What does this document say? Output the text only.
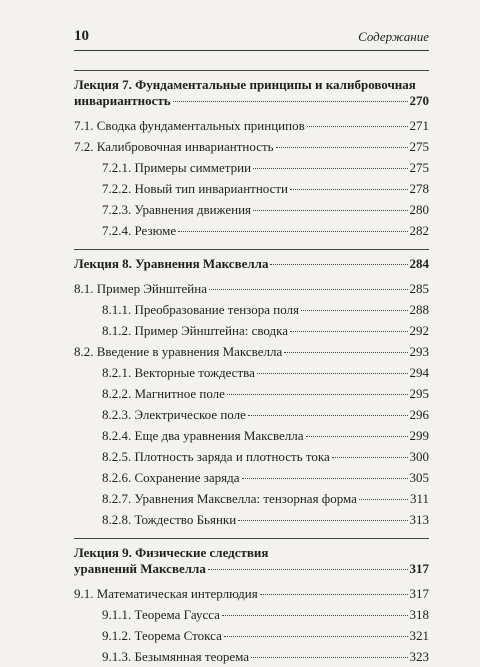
10	Содержание
Лекция 7. Фундаментальные принципы и калибровочная
инвариантность	270
7.1. Сводка фундаментальных принципов	271
7.2. Калибровочная инвариантность	275
7.2.1. Примеры симметрии	275
7.2.2. Новый тип инвариантности	278
7.2.3. Уравнения движения	280
7.2.4. Резюме	282
Лекция 8. Уравнения Максвелла	284
8.1. Пример Эйнштейна	285
8.1.1. Преобразование тензора поля	288
8.1.2. Пример Эйнштейна: сводка	292
8.2. Введение в уравнения Максвелла	293
8.2.1. Векторные тождества	294
8.2.2. Магнитное поле	295
8.2.3. Электрическое поле	296
8.2.4. Еще два уравнения Максвелла	299
8.2.5. Плотность заряда и плотность тока	300
8.2.6. Сохранение заряда	305
8.2.7. Уравнения Максвелла: тензорная форма	311
8.2.8. Тождество Бьянки	313
Лекция 9. Физические следствия
уравнений Максвелла	317
9.1. Математическая интерлюдия	317
9.1.1. Теорема Гаусса	318
9.1.2. Теорема Стокса	321
9.1.3. Безымянная теорема	323
